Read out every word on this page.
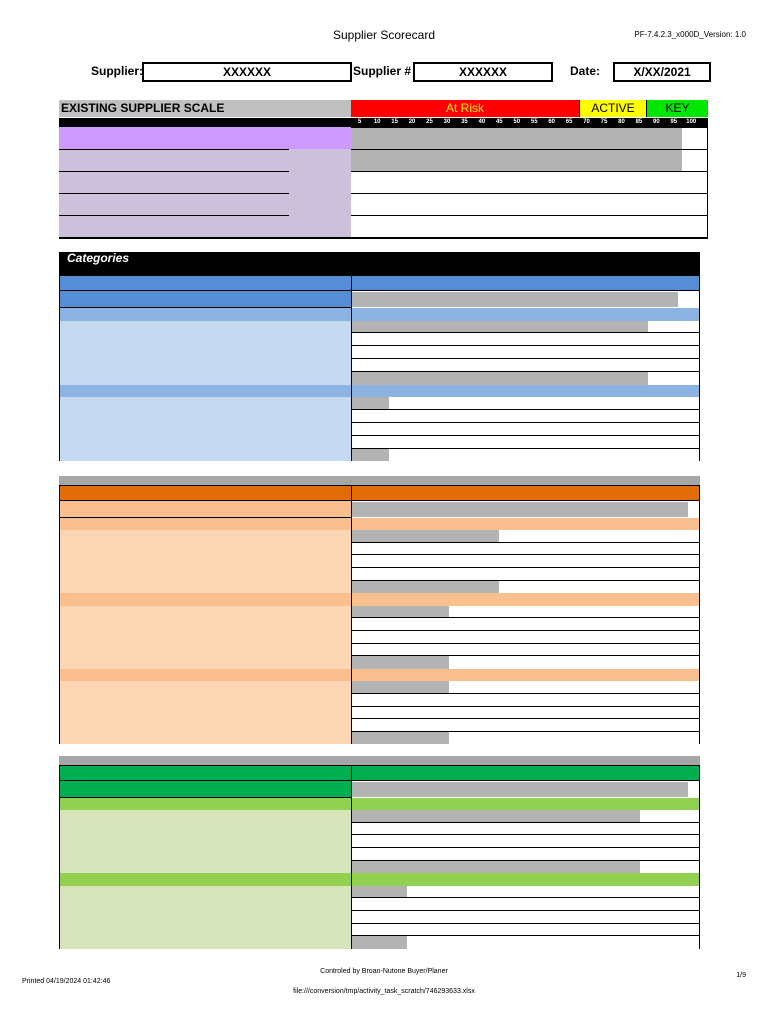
Supplier Scorecard	PF-7.4.2.3_x000D_Version: 1.0
Supplier:	XXXXXX	Supplier #	XXXXXX	Date:	X/XX/2021
EXISTING SUPPLIER SCALE	At Risk	ACTIVE	KEY
5 10 15 20 25 30 35 40 45 50 55 60 65 70 75 80 85 90 95 100
Categories
Controled by Broan-Nutone Buyer/Planer
Printed 04/19/2024 01:42:46
1/9
file:///conversion/tmp/activity_task_scratch/746293633.xlsx
